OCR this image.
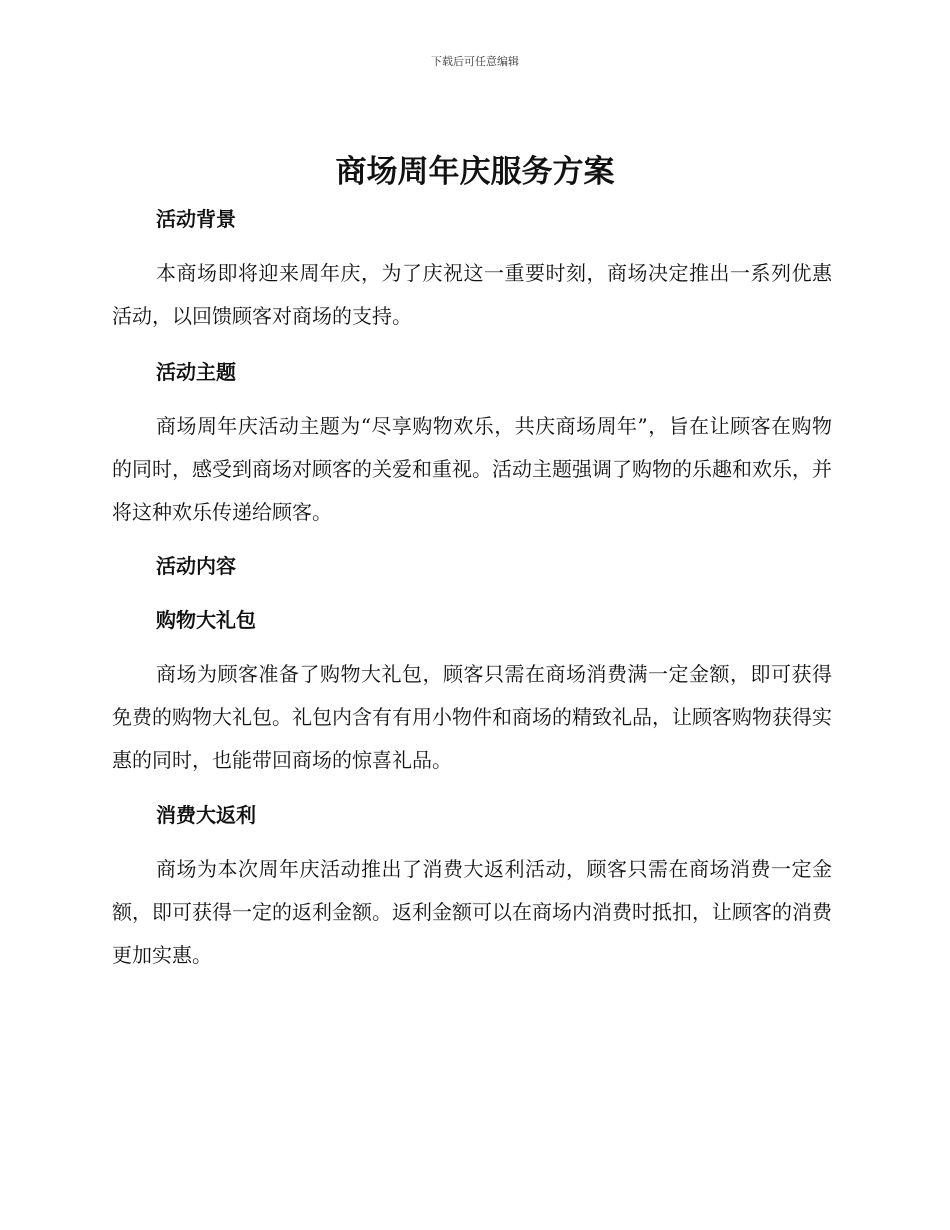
下载后可任意编辑
商场周年庆服务方案
活动背景

本商场即将迎来周年庆，为了庆祝这一重要时刻，商场决定推出一系列优惠活动，以回馈顾客对商场的支持。

活动主题

商场周年庆活动主题为“尽享购物欢乐，共庆商场周年”，旨在让顾客在购物的同时，感受到商场对顾客的关爱和重视。活动主题强调了购物的乐趣和欢乐，并将这种欢乐传递给顾客。

活动内容
购物大礼包

商场为顾客准备了购物大礼包，顾客只需在商场消费满一定金额，即可获得免费的购物大礼包。礼包内含有有用小物件和商场的精致礼品，让顾客购物获得实惠的同时，也能带回商场的惊喜礼品。

消费大返利

商场为本次周年庆活动推出了消费大返利活动，顾客只需在商场消费一定金额，即可获得一定的返利金额。返利金额可以在商场内消费时抵扣，让顾客的消费更加实惠。
